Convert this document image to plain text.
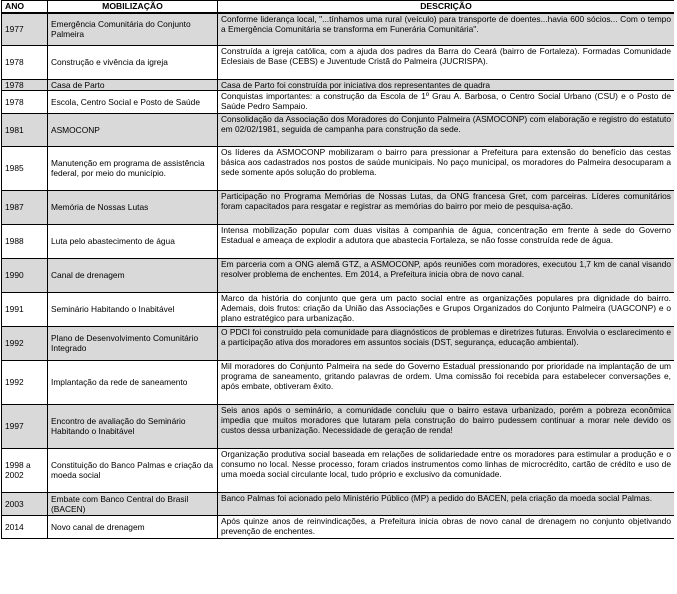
ANO	MOBILIZAÇÃO	DESCRIÇÃO
1977	Emergência Comunitária do Conjunto Palmeira	Conforme liderança local, "...tínhamos uma rural (veículo) para transporte de doentes...havia 600 sócios... Com o tempo a Emergência Comunitária se transforma em Funerária Comunitária".
1978	Construção e vivência da igreja	Construída a igreja católica, com a ajuda dos padres da Barra do Ceará (bairro de Fortaleza). Formadas Comunidade Eclesiais de Base (CEBS) e Juventude Cristã do Palmeira (JUCRISPA).
1978	Casa de Parto	Casa de Parto foi construída por iniciativa dos representantes de quadra
1978	Escola, Centro Social e Posto de Saúde	Conquistas importantes: a construção da Escola de 1º Grau A. Barbosa, o Centro Social Urbano (CSU) e o Posto de Saúde Pedro Sampaio.
1981	ASMOCONP	Consolidação da Associação dos Moradores do Conjunto Palmeira (ASMOCONP) com elaboração e registro do estatuto em 02/02/1981, seguida de campanha para construção da sede.
1985	Manutenção em programa de assistência federal, por meio do município.	Os líderes da ASMOCONP mobilizaram o bairro para pressionar a Prefeitura para extensão do benefício das cestas básica aos cadastrados nos postos de saúde municipais. No paço municipal, os moradores do Palmeira desocuparam a sede somente após solução do problema.
1987	Memória de Nossas Lutas	Participação no Programa Memórias de Nossas Lutas, da ONG francesa Gret, com parceiras. Líderes comunitários foram capacitados para resgatar e registrar as memórias do bairro por meio de pesquisa-ação.
1988	Luta pelo abastecimento de água	Intensa mobilização popular com duas visitas à companhia de água, concentração em frente à sede do Governo Estadual e ameaça de explodir a adutora que abastecia Fortaleza, se não fosse construída rede de água.
1990	Canal de drenagem	Em parceria com a ONG alemã GTZ, a ASMOCONP, após reuniões com moradores, executou 1,7 km de canal visando resolver problema de enchentes. Em 2014, a Prefeitura inicia obra de novo canal.
1991	Seminário Habitando o Inabitável	Marco da história do conjunto que gera um pacto social entre as organizações populares pra dignidade do bairro. Ademais, dois frutos: criação da União das Associações e Grupos Organizados do Conjunto Palmeira (UAGCONP) e o plano estratégico para urbanização.
1992	Plano de Desenvolvimento Comunitário Integrado	O PDCI foi construído pela comunidade para diagnósticos de problemas e diretrizes futuras. Envolvia o esclarecimento e a participação ativa dos moradores em assuntos sociais (DST, segurança, educação ambiental).
1992	Implantação da rede de saneamento	Mil moradores do Conjunto Palmeira na sede do Governo Estadual pressionando por prioridade na implantação de um programa de saneamento, gritando palavras de ordem. Uma comissão foi recebida para estabelecer conversações e, após embate, obtiveram êxito.
1997	Encontro de avaliação do Seminário Habitando o Inabitável	Seis anos após o seminário, a comunidade concluiu que o bairro estava urbanizado, porém a pobreza econômica impedia que muitos moradores que lutaram pela construção do bairro pudessem continuar a morar nele devido os custos dessa urbanização. Necessidade de geração de renda!
1998 a 2002	Constituição do Banco Palmas e criação da moeda social	Organização produtiva social baseada em relações de solidariedade entre os moradores para estimular a produção e o consumo no local. Nesse processo, foram criados instrumentos como linhas de microcrédito, cartão de crédito e uso de uma moeda social circulante local, tudo próprio e exclusivo da comunidade.
2003	Embate com Banco Central do Brasil (BACEN)	Banco Palmas foi acionado pelo Ministério Público (MP) a pedido do BACEN, pela criação da moeda social Palmas.
2014	Novo canal de drenagem	Após quinze anos de reinvindicações, a Prefeitura inicia obras de novo canal de drenagem no conjunto objetivando prevenção de enchentes.
